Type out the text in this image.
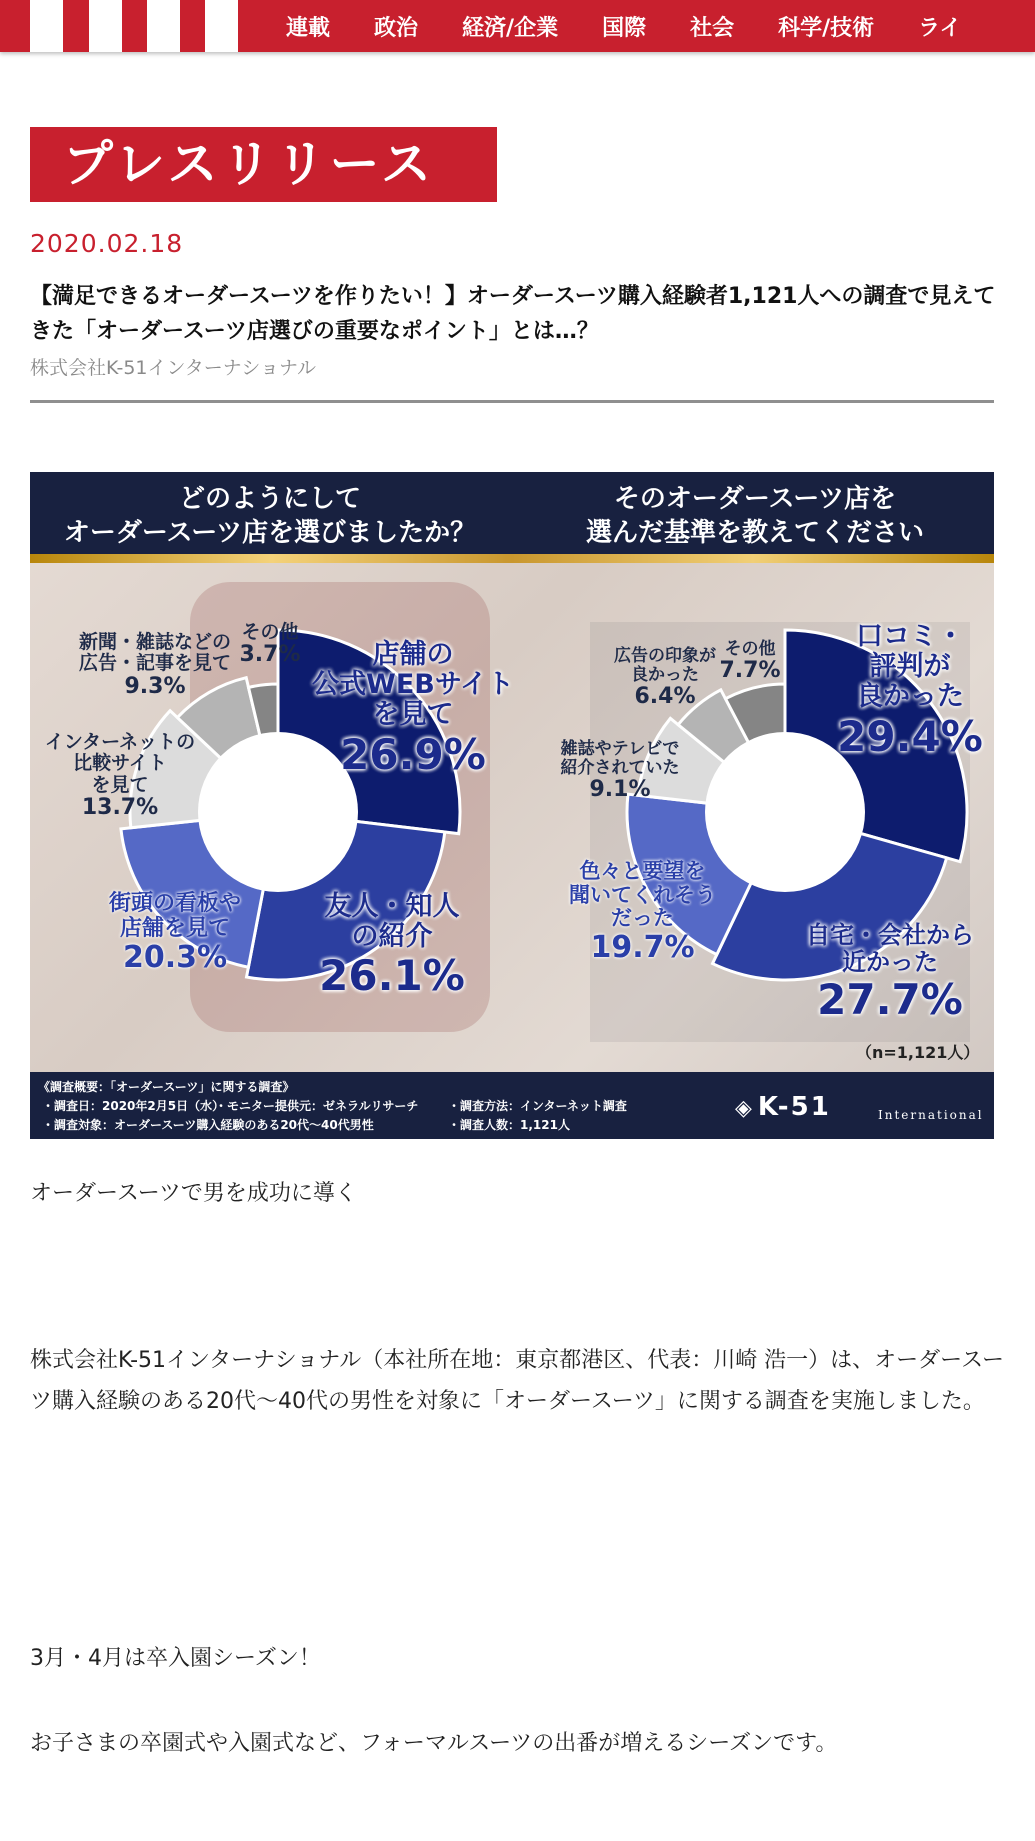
連載 政治 経済/企業 国際 社会 科学/技術 ライ
プレスリリース
2020.02.18
【満足できるオーダースーツを作りたい！】オーダースーツ購入経験者1,121人への調査で見えてきた「オーダースーツ店選びの重要なポイント」とは…？
株式会社K-51インターナショナル
どのようにして
オーダースーツ店を選びましたか？
そのオーダースーツ店を
選んだ基準を教えてください
店舗の
公式WEBサイト
を見て
26.9%
友人・知人
の紹介
26.1%
街頭の看板や
店舗を見て
20.3%
インターネットの
比較サイト
を見て
13.7%
新聞・雑誌などの
広告・記事を見て
9.3%
その他
3.7%
口コミ・
評判が
良かった
29.4%
自宅・会社から
近かった
27.7%
色々と要望を
聞いてくれそう
だった
19.7%
雑誌やテレビで
紹介されていた
9.1%
広告の印象が
良かった
6.4%
その他
7.7%
（n=1,121人）
《調査概要：「オーダースーツ」に関する調査》
・調査日：2020年2月5日（水）
・モニター提供元：ゼネラルリサーチ ・調査方法：インターネット調査
・調査対象：オーダースーツ購入経験のある20代〜40代男性	・調査人数：1,121人
◈ K-51	International
オーダースーツで男を成功に導く
株式会社K-51インターナショナル（本社所在地：東京都港区、代表：川崎 浩一）は、オーダースーツ購入経験のある20代〜40代の男性を対象に「オーダースーツ」に関する調査を実施しました。
3月・4月は卒入園シーズン！
お子さまの卒園式や入園式など、フォーマルスーツの出番が増えるシーズンです。
